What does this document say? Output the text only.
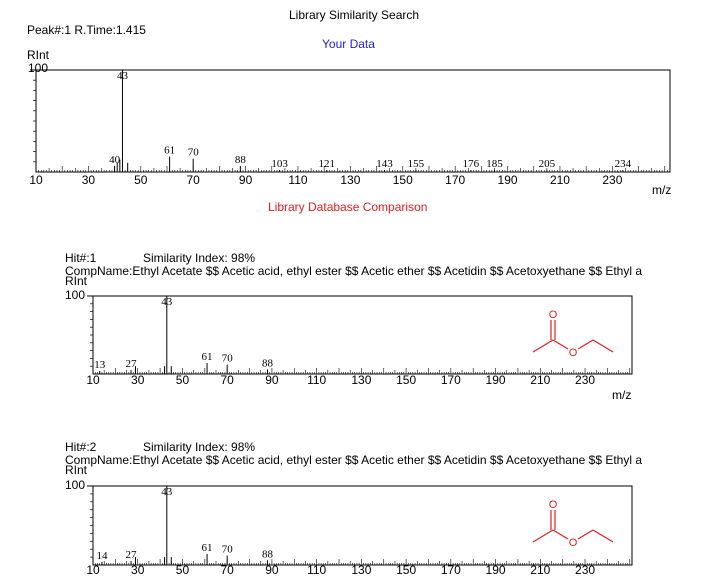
Library Similarity Search
Peak#:1 R.Time:1.415
Your Data
Library Database Comparison
Hit#:1	Similarity Index: 98%
CompName:Ethyl Acetate $$ Acetic acid, ethyl ester $$ Acetic ether $$ Acetidin $$ Acetoxyethane $$ Ethyl a
Hit#:2	Similarity Index: 98%
CompName:Ethyl Acetate $$ Acetic acid, ethyl ester $$ Acetic ether $$ Acetidin $$ Acetoxyethane $$ Ethyl a
RInt
100
10	30	50	70	90	110	130	150	170	190	210	230
m/z
40
43
61 70
88 103	121	143 155	176 185	205	234
RInt
100
10	30	50	70	90 110 130 150 170 190 210 230
m/z
13 27
43
61 70	88
RInt
100
10	30	50	70	90 110 130 150 170 190 210 230
14 27
43
61 70	88
O
O
O
O
